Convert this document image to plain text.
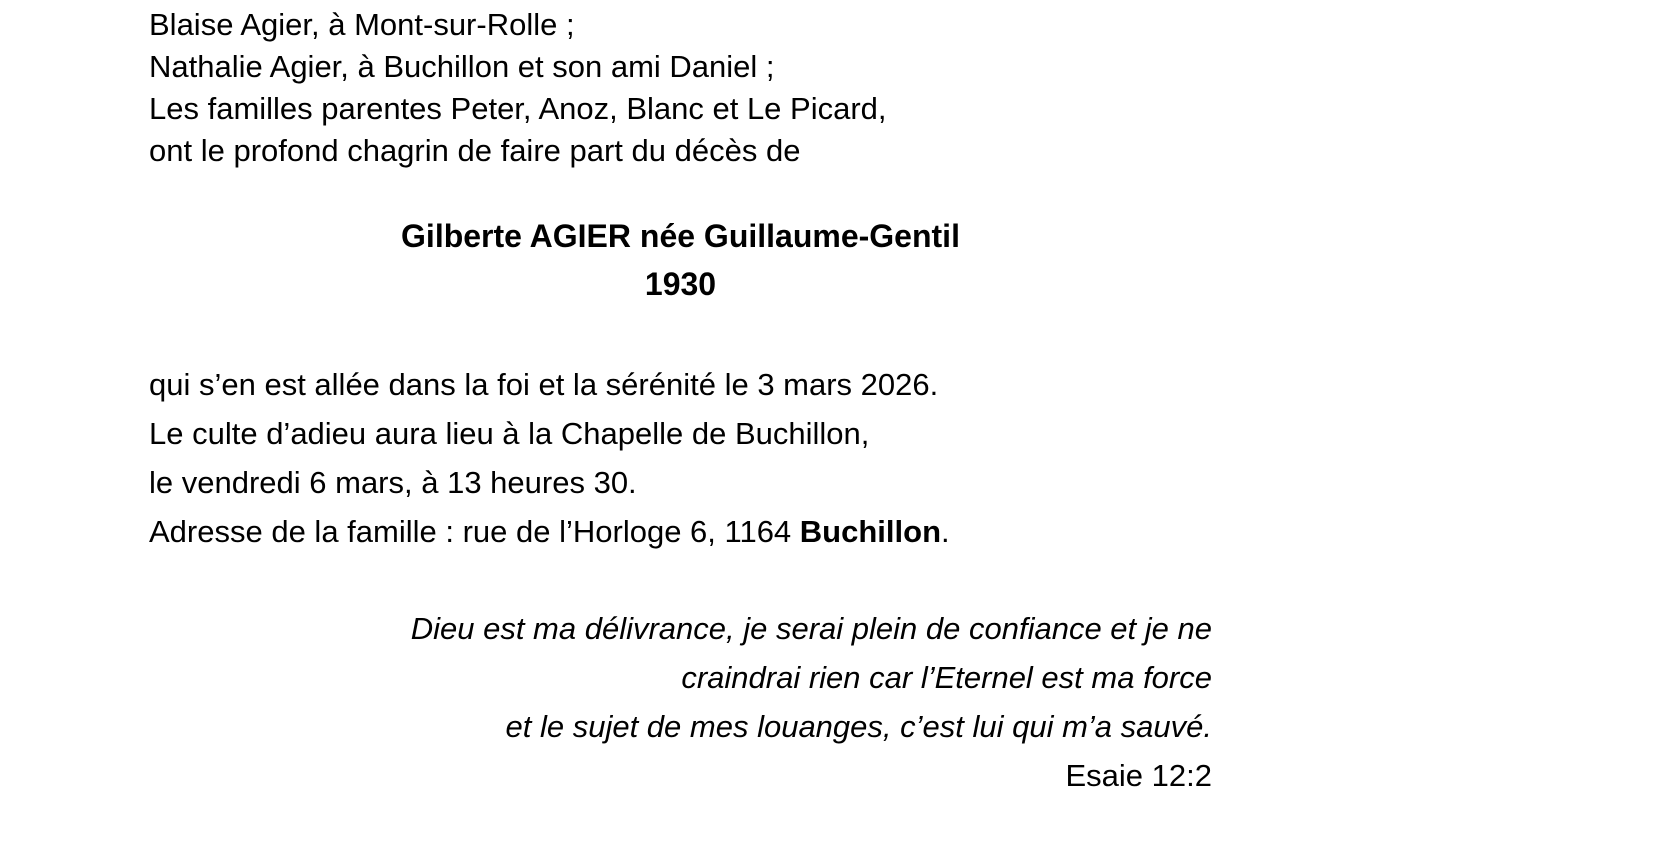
Blaise Agier, à Mont-sur-Rolle ;
Nathalie Agier, à Buchillon et son ami Daniel ;
Les familles parentes Peter, Anoz, Blanc et Le Picard,
ont le profond chagrin de faire part du décès de
Gilberte AGIER née Guillaume-Gentil
1930
qui s’en est allée dans la foi et la sérénité le 3 mars 2026.
Le culte d’adieu aura lieu à la Chapelle de Buchillon,
le vendredi 6 mars, à 13 heures 30.
Adresse de la famille : rue de l’Horloge 6, 1164 Buchillon.
Dieu est ma délivrance, je serai plein de confiance et je ne
craindrai rien car l’Eternel est ma force
et le sujet de mes louanges, c’est lui qui m’a sauvé.
Esaie 12:2
